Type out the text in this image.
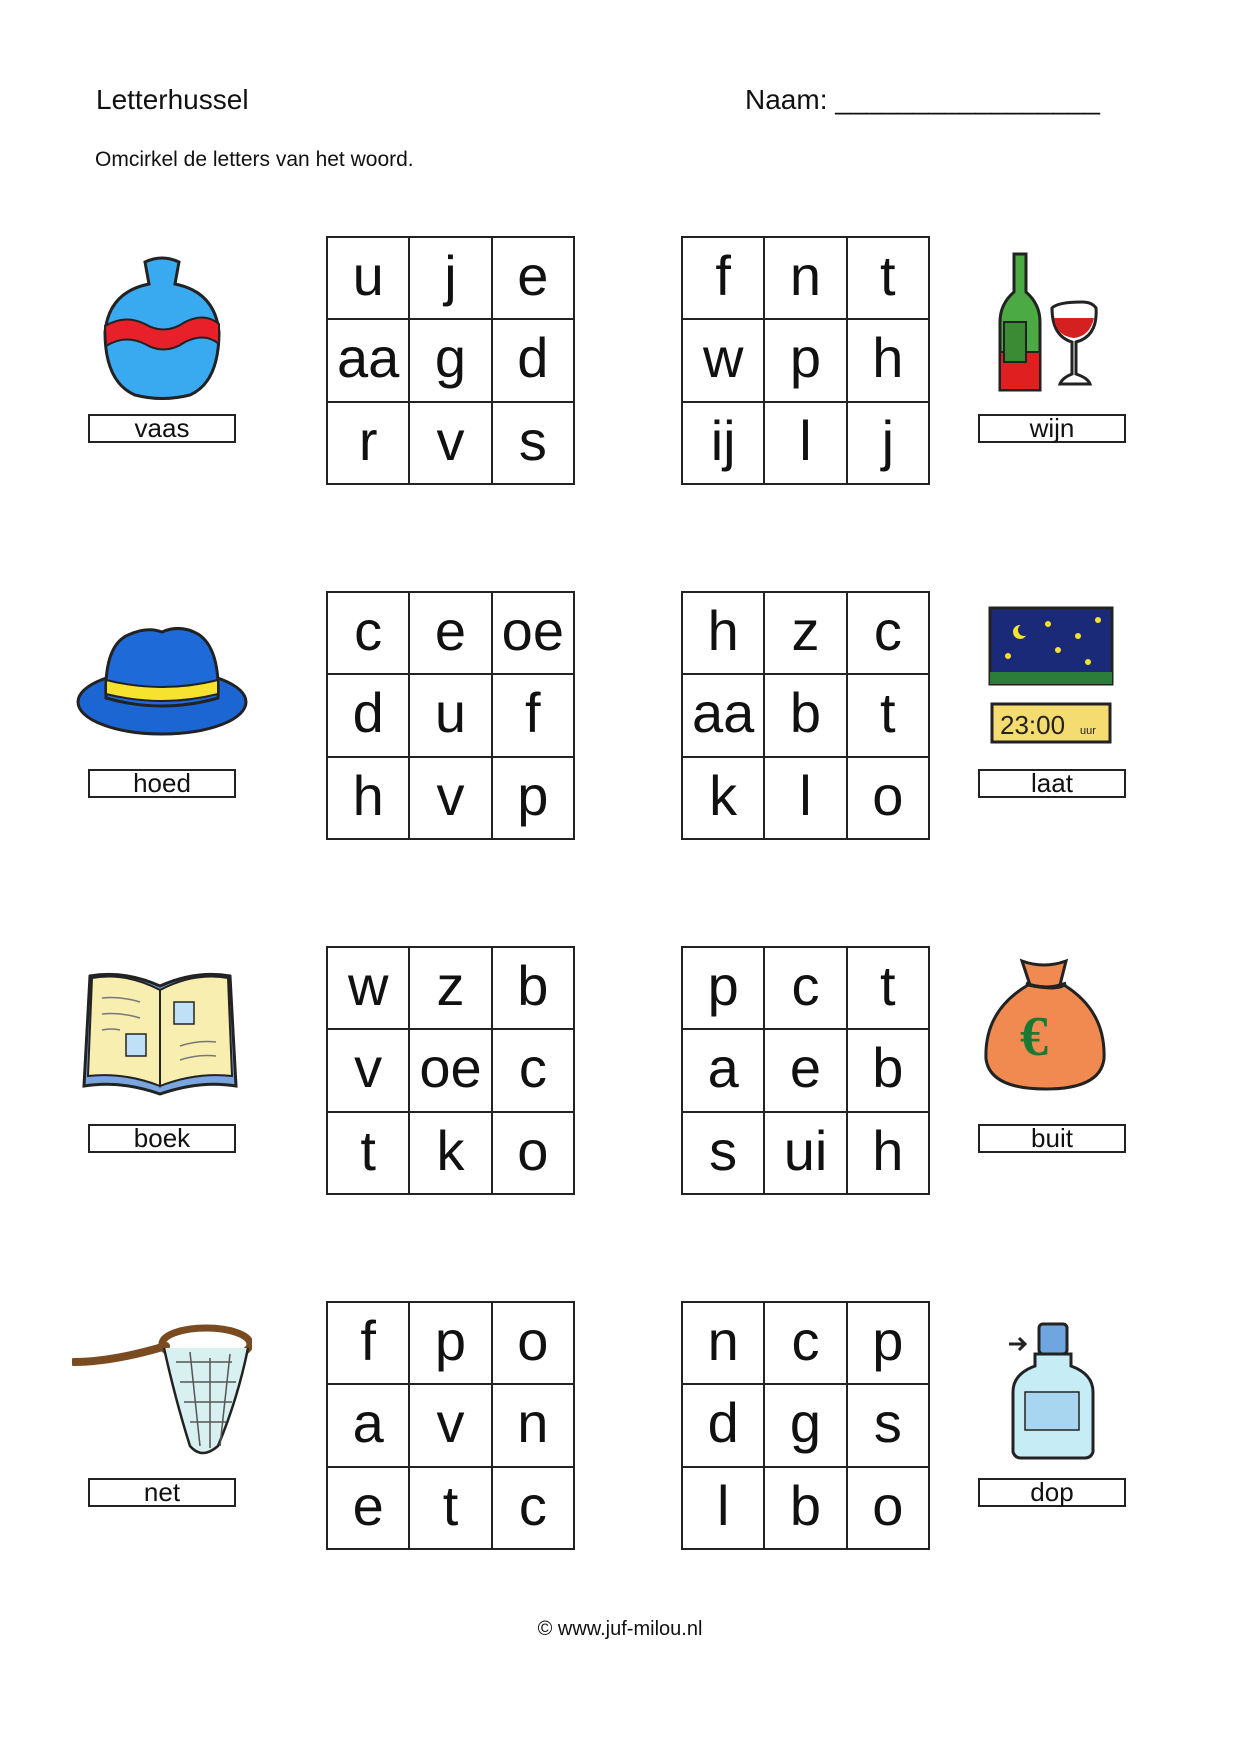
Letterhussel	Naam: _________________
Omcirkel de letters van het woord.
vaas
u	j	e
aa g d
r	v s
f	n	t
w p h
ij	l	j	wijn
hoed
c e oe
d u	f
h v p
h z c
aa b	t
k	l	o
23:00 uur
laat
boek
w z b
v oe c
t	k o
p c	t
a e b
s ui h
€
buit
net
f	p o
a v n
e	t	c
n c p
d g s
l	b o	dop
© www.juf-milou.nl
